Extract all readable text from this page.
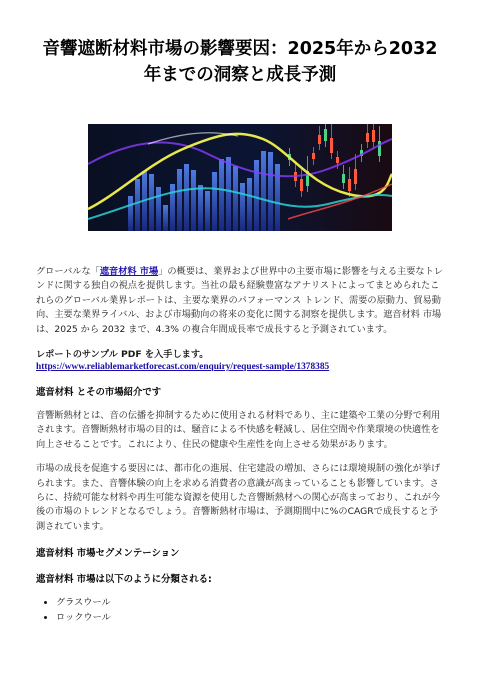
音響遮断材料市場の影響要因：2025年から2032年までの洞察と成長予測

グローバルな「遮音材料 市場」の概要は、業界および世界中の主要市場に影響を与える主要なトレンドに関する独自の視点を提供します。当社の最も経験豊富なアナリストによってまとめられたこれらのグローバル業界レポートは、主要な業界のパフォーマンス トレンド、需要の原動力、貿易動向、主要な業界ライバル、および市場動向の将来の変化に関する洞察を提供します。遮音材料 市場は、2025 から 2032 まで、4.3% の複合年間成長率で成長すると予測されています。

レポートのサンプル PDF を入手します。
https://www.reliablemarketforecast.com/enquiry/request-sample/1378385
遮音材料 とその市場紹介です

音響断熱材とは、音の伝播を抑制するために使用される材料であり、主に建築や工業の分野で利用されます。音響断熱材市場の目的は、騒音による不快感を軽減し、居住空間や作業環境の快適性を向上させることです。これにより、住民の健康や生産性を向上させる効果があります。

市場の成長を促進する要因には、都市化の進展、住宅建設の増加、さらには環境規制の強化が挙げられます。また、音響体験の向上を求める消費者の意識が高まっていることも影響しています。さらに、持続可能な材料や再生可能な資源を使用した音響断熱材への関心が高まっており、これが今後の市場のトレンドとなるでしょう。音響断熱材市場は、予測期間中に%のCAGRで成長すると予測されています。

遮音材料 市場セグメンテーション
遮音材料 市場は以下のように分類される:
• グラスウール
• ロックウール
